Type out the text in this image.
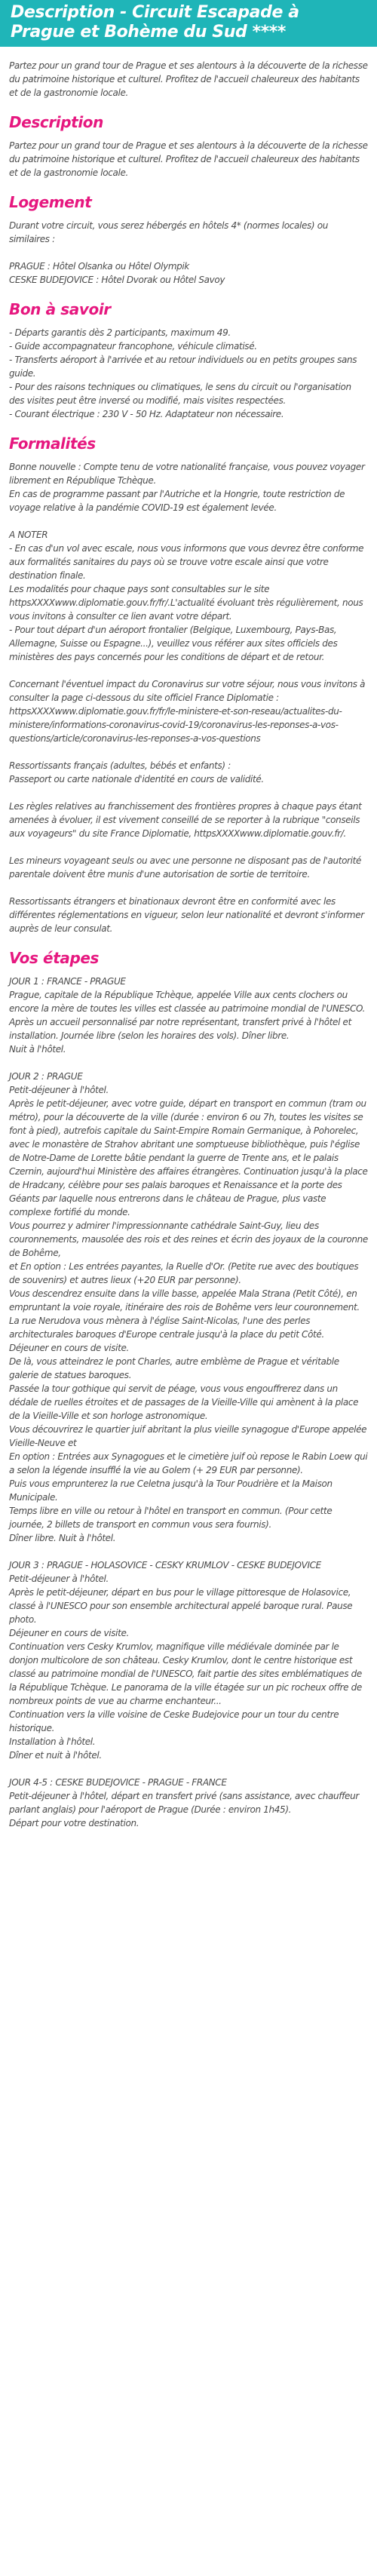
Description - Circuit Escapade à Prague et Bohème du Sud ****

Partez pour un grand tour de Prague et ses alentours à la découverte de la richesse du patrimoine historique et culturel. Profitez de l'accueil chaleureux des habitants et de la gastronomie locale.

Description

Partez pour un grand tour de Prague et ses alentours à la découverte de la richesse du patrimoine historique et culturel. Profitez de l'accueil chaleureux des habitants et de la gastronomie locale.

Logement

Durant votre circuit, vous serez hébergés en hôtels 4* (normes locales) ou similaires :

PRAGUE : Hôtel Olsanka ou Hôtel Olympik
CESKE BUDEJOVICE : Hôtel Dvorak ou Hôtel Savoy

Bon à savoir

- Départs garantis dès 2 participants, maximum 49.
- Guide accompagnateur francophone, véhicule climatisé.
- Transferts aéroport à l'arrivée et au retour individuels ou en petits groupes sans guide.
- Pour des raisons techniques ou climatiques, le sens du circuit ou l'organisation des visites peut être inversé ou modifié, mais visites respectées.
- Courant électrique : 230 V - 50 Hz. Adaptateur non nécessaire.

Formalités

Bonne nouvelle : Compte tenu de votre nationalité française, vous pouvez voyager librement en République Tchèque.
En cas de programme passant par l'Autriche et la Hongrie, toute restriction de voyage relative à la pandémie COVID-19 est également levée.

A NOTER
- En cas d'un vol avec escale, nous vous informons que vous devrez être conforme aux formalités sanitaires du pays où se trouve votre escale ainsi que votre destination finale.
Les modalités pour chaque pays sont consultables sur le site httpsXXXXwww.diplomatie.gouv.fr/fr/.L'actualité évoluant très régulièrement, nous vous invitons à consulter ce lien avant votre départ.
- Pour tout départ d'un aéroport frontalier (Belgique, Luxembourg, Pays-Bas, Allemagne, Suisse ou Espagne...), veuillez vous référer aux sites officiels des ministères des pays concernés pour les conditions de départ et de retour.

Concernant l'éventuel impact du Coronavirus sur votre séjour, nous vous invitons à consulter la page ci-dessous du site officiel France Diplomatie : httpsXXXXwww.diplomatie.gouv.fr/fr/le-ministere-et-son-reseau/actualites-du-ministere/informations-coronavirus-covid-19/coronavirus-les-reponses-a-vos-questions/article/coronavirus-les-reponses-a-vos-questions

Ressortissants français (adultes, bébés et enfants) :
Passeport ou carte nationale d'identité en cours de validité.

Les règles relatives au franchissement des frontières propres à chaque pays étant amenées à évoluer, il est vivement conseillé de se reporter à la rubrique "conseils aux voyageurs" du site France Diplomatie, httpsXXXXwww.diplomatie.gouv.fr/.

Les mineurs voyageant seuls ou avec une personne ne disposant pas de l'autorité parentale doivent être munis d'une autorisation de sortie de territoire.

Ressortissants étrangers et binationaux devront être en conformité avec les différentes réglementations en vigueur, selon leur nationalité et devront s'informer auprès de leur consulat.

Vos étapes

JOUR 1 : FRANCE - PRAGUE
Prague, capitale de la République Tchèque, appelée Ville aux cents clochers ou encore la mère de toutes les villes est classée au patrimoine mondial de l'UNESCO.
Après un accueil personnalisé par notre représentant, transfert privé à l'hôtel et installation. Journée libre (selon les horaires des vols). Dîner libre.
Nuit à l'hôtel.

JOUR 2 : PRAGUE
Petit-déjeuner à l'hôtel.
Après le petit-déjeuner, avec votre guide, départ en transport en commun (tram ou métro), pour la découverte de la ville (durée : environ 6 ou 7h, toutes les visites se font à pied), autrefois capitale du Saint-Empire Romain Germanique, à Pohorelec, avec le monastère de Strahov abritant une somptueuse bibliothèque, puis l'église de Notre-Dame de Lorette bâtie pendant la guerre de Trente ans, et le palais Czernin, aujourd'hui Ministère des affaires étrangères. Continuation jusqu'à la place de Hradcany, célèbre pour ses palais baroques et Renaissance et la porte des Géants par laquelle nous entrerons dans le château de Prague, plus vaste complexe fortifié du monde.
Vous pourrez y admirer l'impressionnante cathédrale Saint-Guy, lieu des couronnements, mausolée des rois et des reines et écrin des joyaux de la couronne de Bohême,
et En option : Les entrées payantes, la Ruelle d'Or. (Petite rue avec des boutiques de souvenirs) et autres lieux (+20 EUR par personne).
Vous descendrez ensuite dans la ville basse, appelée Mala Strana (Petit Côté), en empruntant la voie royale, itinéraire des rois de Bohême vers leur couronnement. La rue Nerudova vous mènera à l'église Saint-Nicolas, l'une des perles architecturales baroques d'Europe centrale jusqu'à la place du petit Côté.
Déjeuner en cours de visite.
De là, vous atteindrez le pont Charles, autre emblème de Prague et véritable galerie de statues baroques.
Passée la tour gothique qui servit de péage, vous vous engouffrerez dans un dédale de ruelles étroites et de passages de la Vieille-Ville qui amènent à la place de la Vieille-Ville et son horloge astronomique.
Vous découvrirez le quartier juif abritant la plus vieille synagogue d'Europe appelée Vieille-Neuve et
En option : Entrées aux Synagogues et le cimetière juif où repose le Rabin Loew qui a selon la légende insufflé la vie au Golem (+ 29 EUR par personne).
Puis vous emprunterez la rue Celetna jusqu'à la Tour Poudrière et la Maison Municipale.
Temps libre en ville ou retour à l'hôtel en transport en commun. (Pour cette journée, 2 billets de transport en commun vous sera fournis).
Dîner libre. Nuit à l'hôtel.

JOUR 3 : PRAGUE - HOLASOVICE - CESKY KRUMLOV - CESKE BUDEJOVICE
Petit-déjeuner à l'hôtel.
Après le petit-déjeuner, départ en bus pour le village pittoresque de Holasovice, classé à l'UNESCO pour son ensemble architectural appelé baroque rural. Pause photo.
Déjeuner en cours de visite.
Continuation vers Cesky Krumlov, magnifique ville médiévale dominée par le donjon multicolore de son château. Cesky Krumlov, dont le centre historique est classé au patrimoine mondial de l'UNESCO, fait partie des sites emblématiques de la République Tchèque. Le panorama de la ville étagée sur un pic rocheux offre de nombreux points de vue au charme enchanteur...
Continuation vers la ville voisine de Ceske Budejovice pour un tour du centre historique.
Installation à l'hôtel.
Dîner et nuit à l'hôtel.

JOUR 4-5 : CESKE BUDEJOVICE - PRAGUE - FRANCE
Petit-déjeuner à l'hôtel, départ en transfert privé (sans assistance, avec chauffeur parlant anglais) pour l'aéroport de Prague (Durée : environ 1h45).
Départ pour votre destination.
